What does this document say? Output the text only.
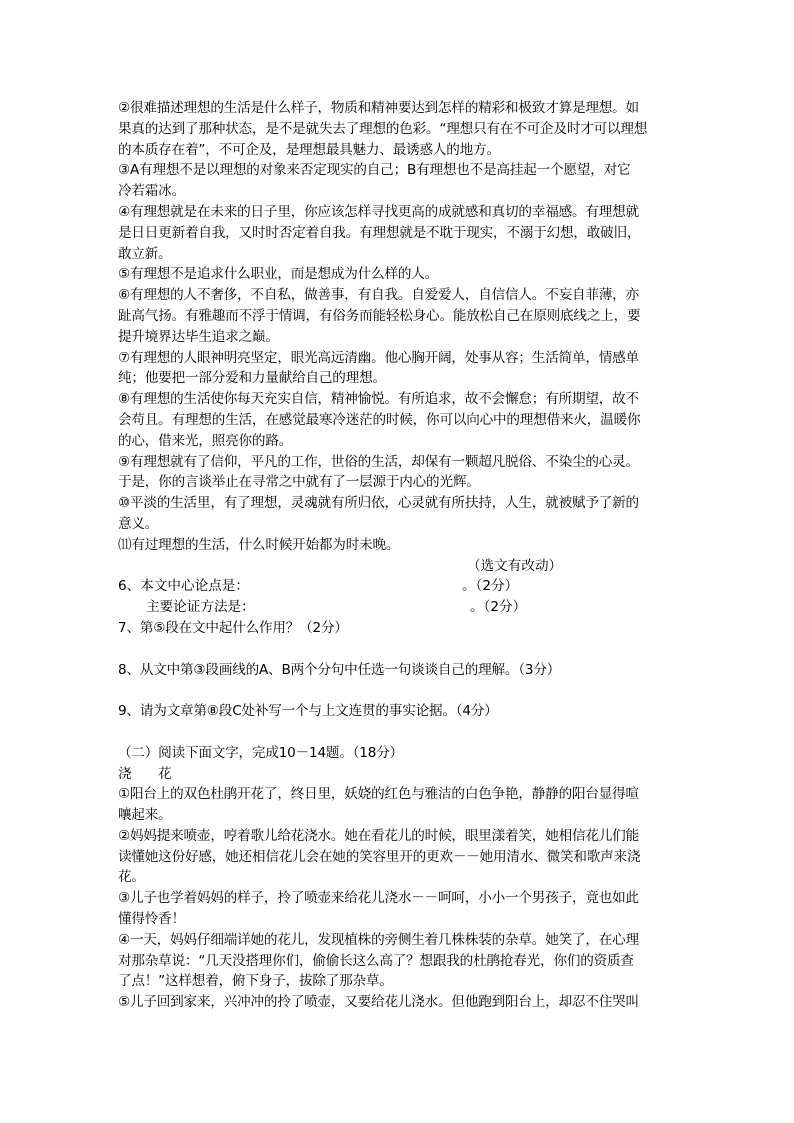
②很难描述理想的生活是什么样子，物质和精神要达到怎样的精彩和极致才算是理想。如
果真的达到了那种状态，是不是就失去了理想的色彩。“理想只有在不可企及时才可以理想
的本质存在着”，不可企及，是理想最具魅力、最诱惑人的地方。
③A有理想不是以理想的对象来否定现实的自己；B有理想也不是高挂起一个愿望，对它
冷若霜冰。
④有理想就是在未来的日子里，你应该怎样寻找更高的成就感和真切的幸福感。有理想就
是日日更新着自我，又时时否定着自我。有理想就是不耽于现实，不溺于幻想，敢破旧，
敢立新。
⑤有理想不是追求什么职业，而是想成为什么样的人。
⑥有理想的人不奢侈，不自私，做善事，有自我。自爱爱人，自信信人。不妄自菲薄，亦
趾高气扬。有雅趣而不浮于情调，有俗务而能轻松身心。能放松自己在原则底线之上，要
提升境界达毕生追求之巅。
⑦有理想的人眼神明亮坚定，眼光高远清幽。他心胸开阔，处事从容；生活简单，情感单
纯；他要把一部分爱和力量献给自己的理想。
⑧有理想的生活使你每天充实自信，精神愉悦。有所追求，故不会懈怠；有所期望，故不
会苟且。有理想的生活，在感觉最寒冷迷茫的时候，你可以向心中的理想借来火，温暖你
的心，借来光，照亮你的路。
⑨有理想就有了信仰，平凡的工作，世俗的生活，却保有一颗超凡脱俗、不染尘的心灵。
于是，你的言谈举止在寻常之中就有了一层源于内心的光辉。
⑩平淡的生活里，有了理想，灵魂就有所归依，心灵就有所扶持，人生，就被赋予了新的
意义。
⑾有过理想的生活，什么时候开始都为时未晚。
（选文有改动）
6、本文中心论点是：	。（2分）
主要论证方法是：	。（2分）
7、第⑤段在文中起什么作用？（2分）
8、从文中第③段画线的A、B两个分句中任选一句谈谈自己的理解。（3分）
9、请为文章第⑧段C处补写一个与上文连贯的事实论据。（4分）
（二）阅读下面文字，完成10－14题。（18分）
浇　　花
①阳台上的双色杜鹃开花了，终日里，妖娆的红色与雅洁的白色争艳，静静的阳台显得喧
嚷起来。
②妈妈提来喷壶，哼着歌儿给花浇水。她在看花儿的时候，眼里漾着笑，她相信花儿们能
读懂她这份好感，她还相信花儿会在她的笑容里开的更欢－－她用清水、微笑和歌声来浇
花。
③儿子也学着妈妈的样子，拎了喷壶来给花儿浇水－－呵呵，小小一个男孩子，竟也如此
懂得怜香！
④一天，妈妈仔细端详她的花儿，发现植株的旁侧生着几株株装的杂草。她笑了，在心理
对那杂草说：“几天没搭理你们，偷偷长这么高了？想跟我的杜鹃抢春光，你们的资质查
了点！”这样想着，俯下身子，拔除了那杂草。
⑤儿子回到家来，兴冲冲的拎了喷壶，又要给花儿浇水。但他跑到阳台上，却忍不住哭叫
